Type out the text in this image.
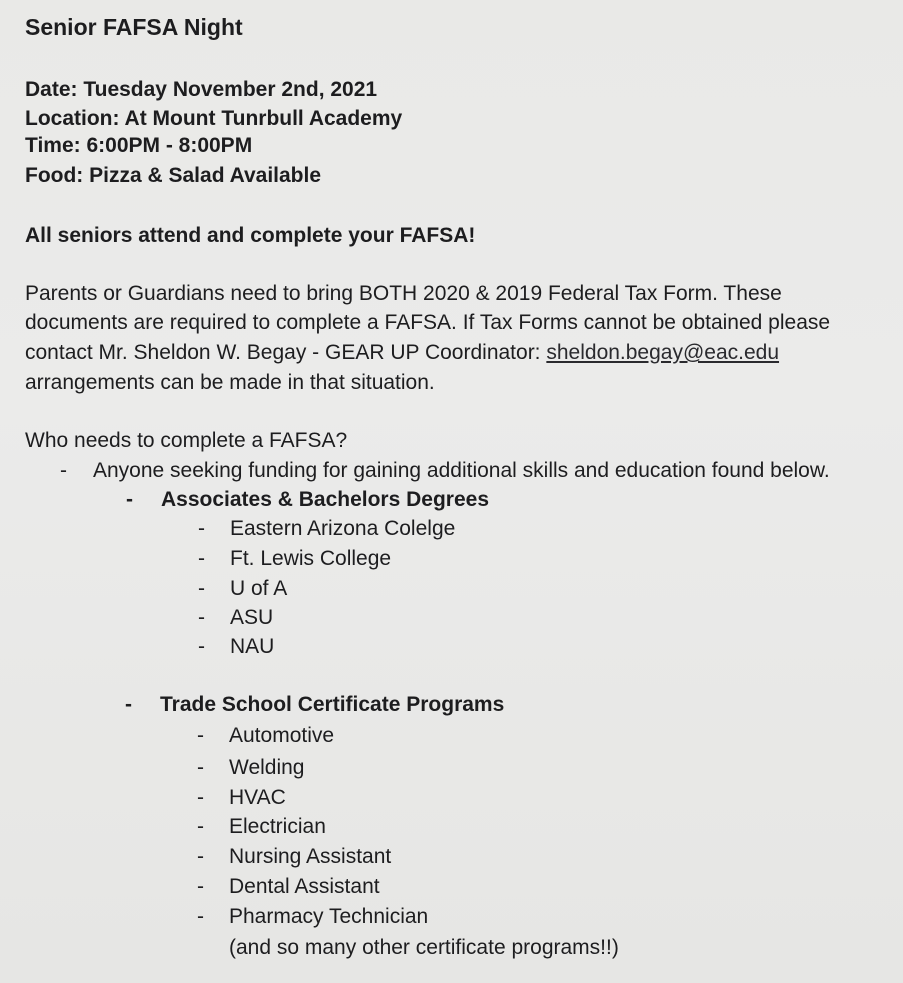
Senior FAFSA Night
Date: Tuesday November 2nd, 2021
Location: At Mount Tunrbull Academy
Time: 6:00PM - 8:00PM
Food: Pizza & Salad Available
All seniors attend and complete your FAFSA!
Parents or Guardians need to bring BOTH 2020 & 2019 Federal Tax Form. These
documents are required to complete a FAFSA. If Tax Forms cannot be obtained please
contact Mr. Sheldon W. Begay - GEAR UP Coordinator: sheldon.begay@eac.edu
arrangements can be made in that situation.
Who needs to complete a FAFSA?
- Anyone seeking funding for gaining additional skills and education found below.
- Associates & Bachelors Degrees
- Eastern Arizona Colelge
- Ft. Lewis College
- U of A
- ASU
- NAU
- Trade School Certificate Programs
- Automotive
- Welding
- HVAC
- Electrician
- Nursing Assistant
- Dental Assistant
- Pharmacy Technician
(and so many other certificate programs!!)
